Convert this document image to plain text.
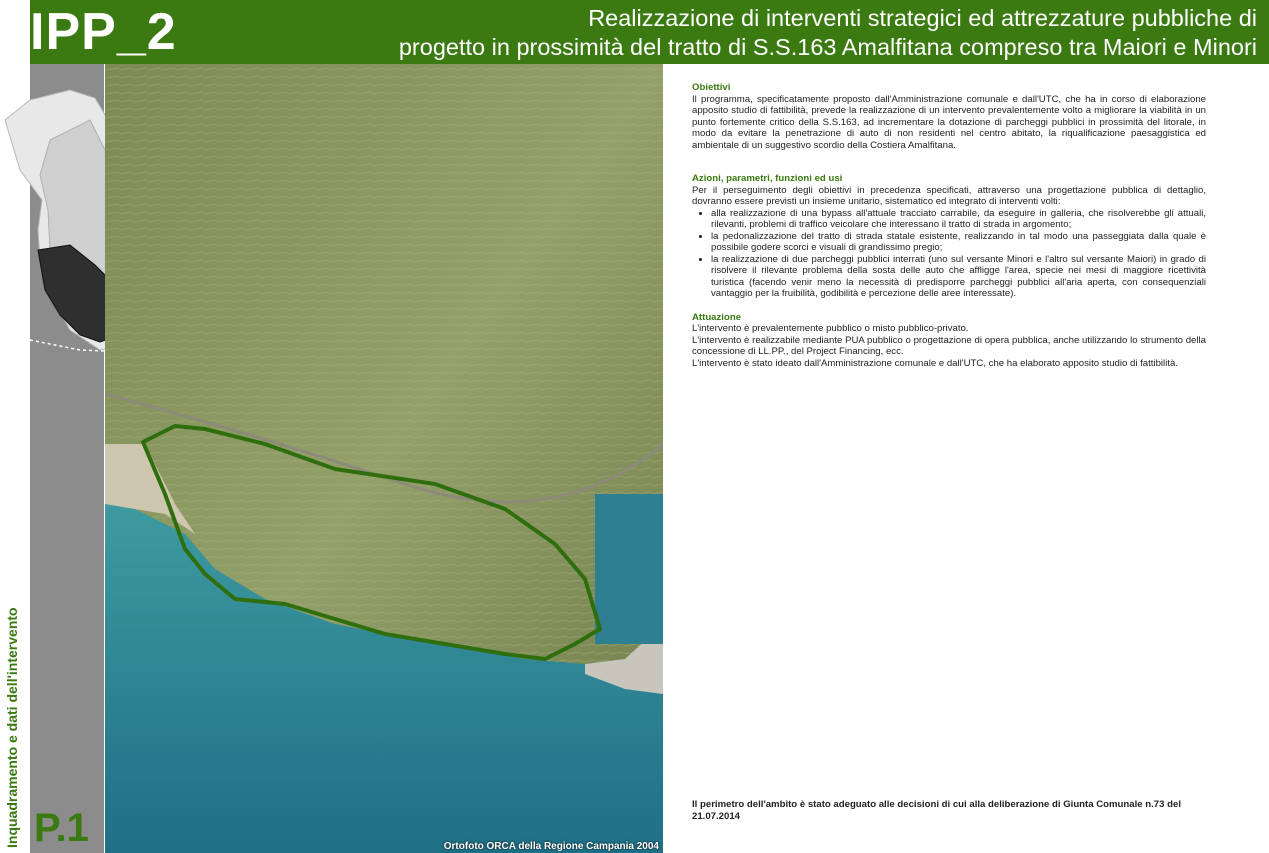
IPP_2	Realizzazione di interventi strategici ed attrezzature pubbliche di
progetto in prossimità del tratto di S.S.163 Amalfitana compreso tra Maiori e Minori
Inquadramento e dati dell'intervento P.1	Ortofoto ORCA della Regione Campania 2004

Obiettivi

Il programma, specificatamente proposto dall'Amministrazione comunale e dall'UTC, che ha in corso di elaborazione apposito studio di fattibilità, prevede la realizzazione di un intervento prevalentemente volto a migliorare la viabilità in un punto fortemente critico della S.S.163, ad incrementare la dotazione di parcheggi pubblici in prossimità del litorale, in modo da evitare la penetrazione di auto di non residenti nel centro abitato, la riqualificazione paesaggistica ed ambientale di un suggestivo scordio della Costiera Amalfitana.

Azioni, parametri, funzioni ed usi

Per il perseguimento degli obiettivi in precedenza specificati, attraverso una progettazione pubblica di dettaglio, dovranno essere previsti un insieme unitario, sistematico ed integrato di interventi volti:

• alla realizzazione di una bypass all'attuale tracciato carrabile, da eseguire in galleria, che risolverebbe gli attuali, rilevanti, problemi di traffico veicolare che interessano il tratto di strada in argomento;
• la pedonalizzazione del tratto di strada statale esistente, realizzando in tal modo una passeggiata dalla quale è possibile godere scorci e visuali di grandissimo pregio;
• la realizzazione di due parcheggi pubblici interrati (uno sul versante Minori e l'altro sul versante Maiori) in grado di risolvere il rilevante problema della sosta delle auto che affligge l'area, specie nei mesi di maggiore ricettività turistica (facendo venir meno la necessità di predisporre parcheggi pubblici all'aria aperta, con consequenziali vantaggio per la fruibilità, godibilità e percezione delle aree interessate).

Attuazione

L'intervento è prevalentemente pubblico o misto pubblico-privato.

L'intervento è realizzabile mediante PUA pubblico o progettazione di opera pubblica, anche utilizzando lo strumento della concessione di LL.PP., del Project Financing, ecc.

L'intervento è stato ideato dall'Amministrazione comunale e dall'UTC, che ha elaborato apposito studio di fattibilità.

Il perimetro dell'ambito è stato adeguato alle decisioni di cui alla deliberazione di Giunta Comunale n.73 del 21.07.2014
